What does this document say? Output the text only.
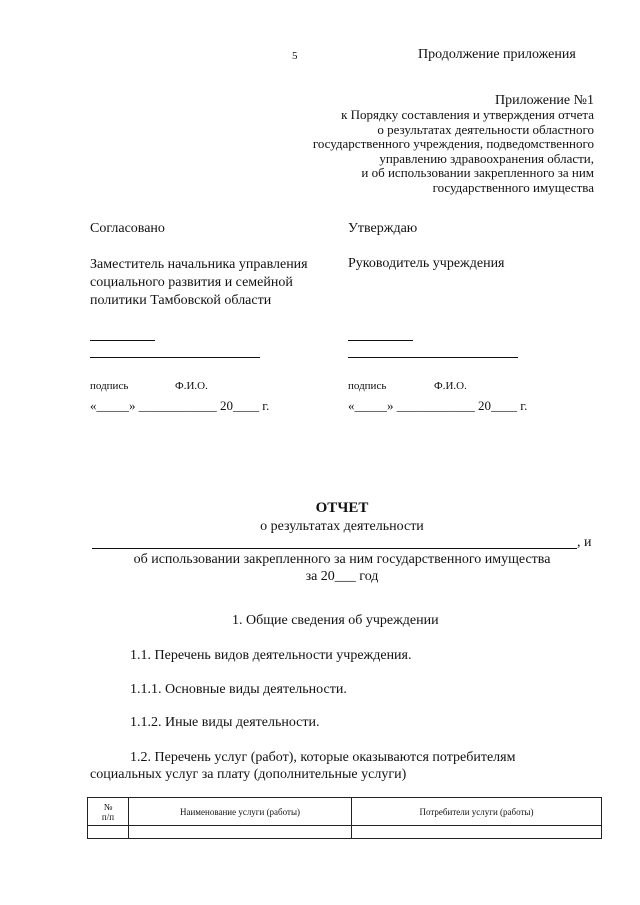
5	Продолжение приложения
Приложение №1
к Порядку составления и утверждения отчета
о результатах деятельности областного
государственного учреждения, подведомственного
управлению здравоохранения области,
и об использовании закрепленного за ним
государственного имущества
Согласовано
Заместитель начальника управления
социального развития и семейной
политики Тамбовской области
подпись	Ф.И.О.
«_____» ____________ 20____ г.
Утверждаю
Руководитель учреждения
подпись	Ф.И.О.
«_____» ____________ 20____ г.
ОТЧЕТ
о результатах деятельности
, и
об использовании закрепленного за ним государственного имущества
за 20___ год
1. Общие сведения об учреждении
1.1. Перечень видов деятельности учреждения.
1.1.1. Основные виды деятельности.
1.1.2. Иные виды деятельности.
1.2. Перечень услуг (работ), которые оказываются потребителям
социальных услуг за плату (дополнительные услуги)
№
п/п	Наименование услуги (работы)	Потребители услуги (работы)
